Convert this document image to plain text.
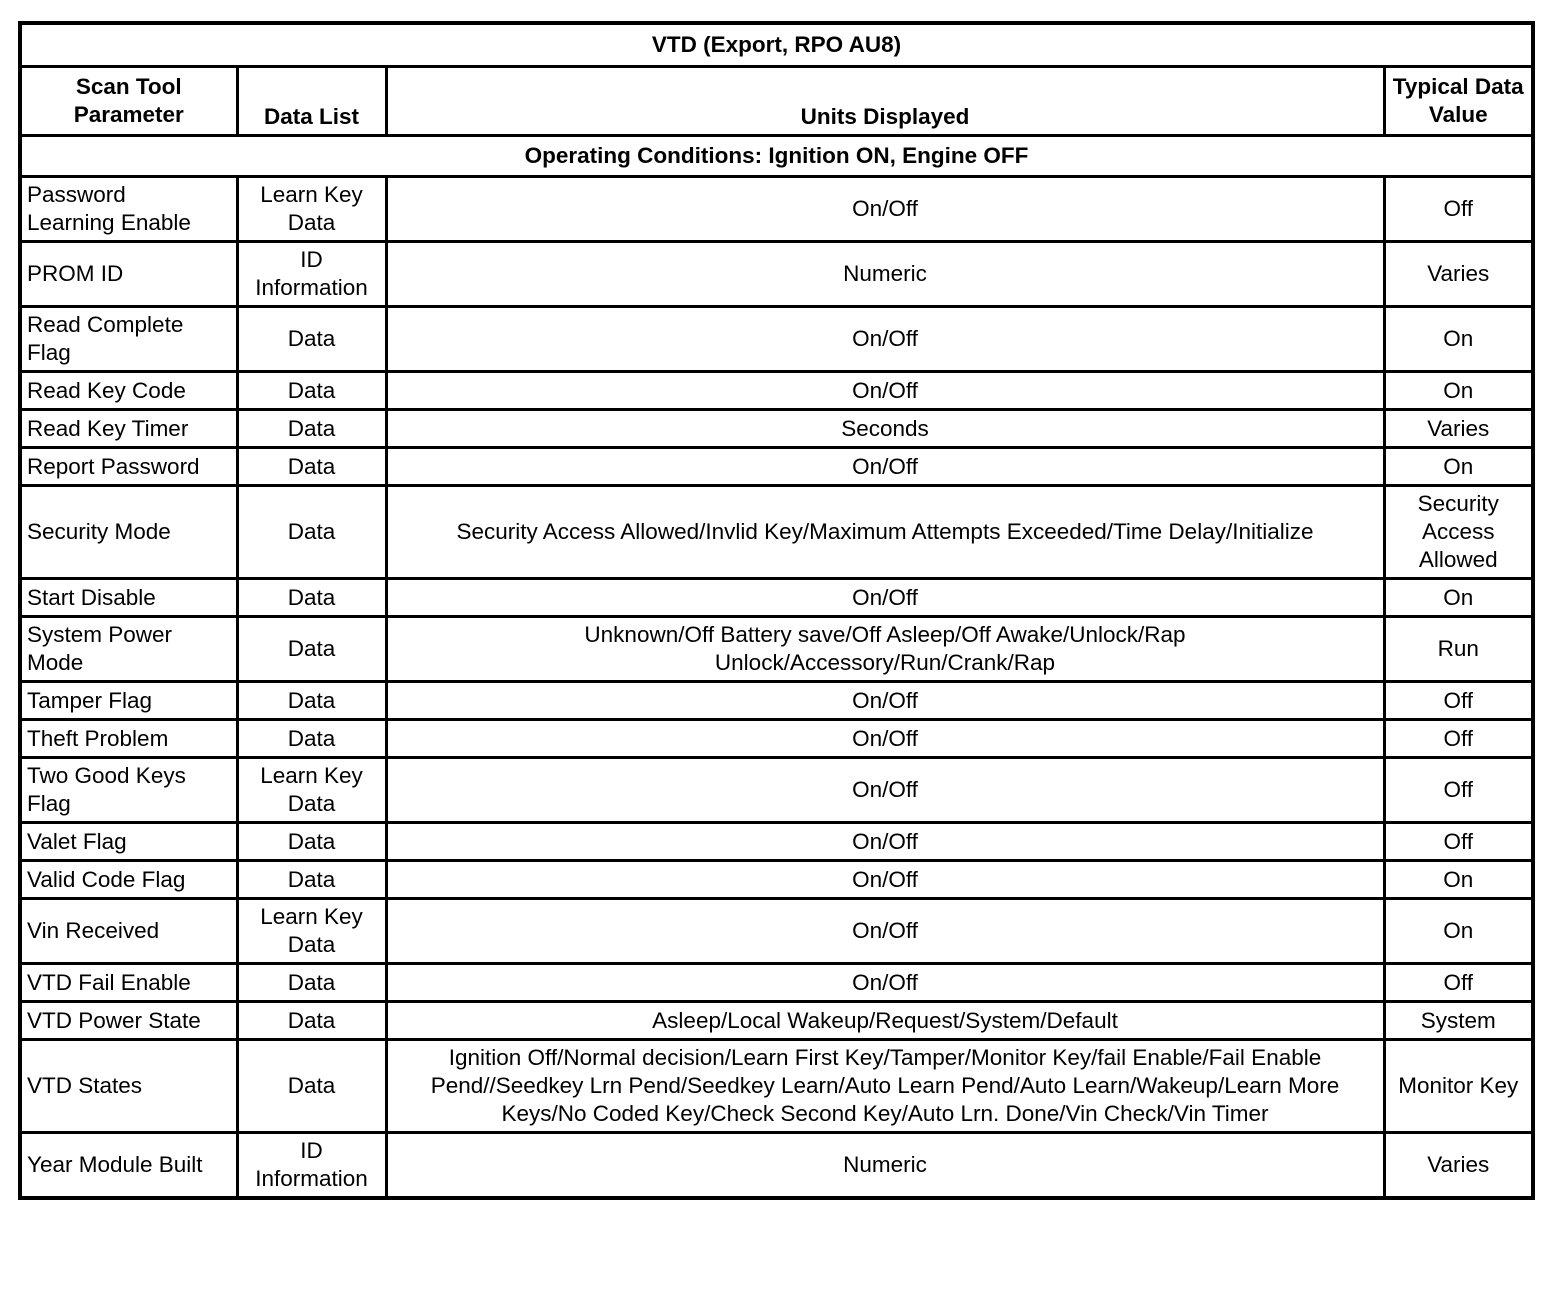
VTD (Export, RPO AU8)			
Scan Tool Parameter	Data List	Units Displayed	Typical Data Value
Operating Conditions: Ignition ON, Engine OFF			
Password Learning Enable	Learn Key Data	On/Off	Off
PROM ID	ID Information	Numeric	Varies
Read Complete Flag	Data	On/Off	On
Read Key Code	Data	On/Off	On
Read Key Timer	Data	Seconds	Varies
Report Password	Data	On/Off	On
Security Mode	Data	Security Access Allowed/Invlid Key/Maximum Attempts Exceeded/Time Delay/Initialize	Security Access Allowed
Start Disable	Data	On/Off	On
System Power Mode	Data	Unknown/Off Battery save/Off Asleep/Off Awake/Unlock/Rap Unlock/Accessory/Run/Crank/Rap	Run
Tamper Flag	Data	On/Off	Off
Theft Problem	Data	On/Off	Off
Two Good Keys Flag	Learn Key Data	On/Off	Off
Valet Flag	Data	On/Off	Off
Valid Code Flag	Data	On/Off	On
Vin Received	Learn Key Data	On/Off	On
VTD Fail Enable	Data	On/Off	Off
VTD Power State	Data	Asleep/Local Wakeup/Request/System/Default	System
VTD States	Data	Ignition Off/Normal decision/Learn First Key/Tamper/Monitor Key/fail Enable/Fail Enable Pend//Seedkey Lrn Pend/Seedkey Learn/Auto Learn Pend/Auto Learn/Wakeup/Learn More Keys/No Coded Key/Check Second Key/Auto Lrn. Done/Vin Check/Vin Timer	Monitor Key
Year Module Built	ID Information	Numeric	Varies
